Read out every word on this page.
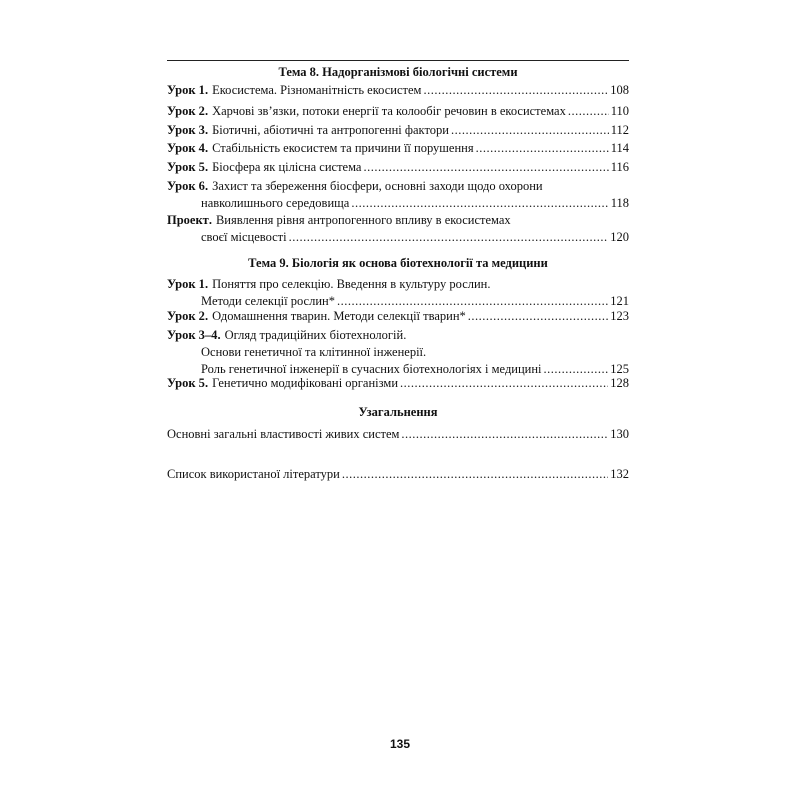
Тема 8. Надорганізмові біологічні системи
Урок 1 . Екосистема. Різноманітність екосистем .....	108
Урок 2 . Харчові зв’язки, потоки енергії та колообіг речовин в екосистемах .....	110
Урок 3 . Біотичні, абіотичні та антропогенні фактори .....	112
Урок 4 . Стабільність екосистем та причини її порушення .....	114
Урок 5 . Біосфера як цілісна система .....	116
Урок 6 . Захист та збереження біосфери, основні заходи щодо охорони
навколишнього середовища .....	118
Проект . Виявлення рівня антропогенного впливу в екосистемах
своєї місцевості .....	120
Тема 9. Біологія як основа біотехнології та медицини
Урок 1 . Поняття про селекцію. Введення в культуру рослин.
Методи селекції рослин* .....	121
Урок 2 . Одомашнення тварин. Методи селекції тварин* .....	123
Урок 3–4 . Огляд традиційних біотехнологій.
Основи генетичної та клітинної інженерії.
Роль генетичної інженерії в сучасних біотехнологіях і медицині .....	125
Урок 5 . Генетично модифіковані організми .....	128
Узагальнення
Основні загальні властивості живих систем .....	130
Список використаної літератури .....	132
135
